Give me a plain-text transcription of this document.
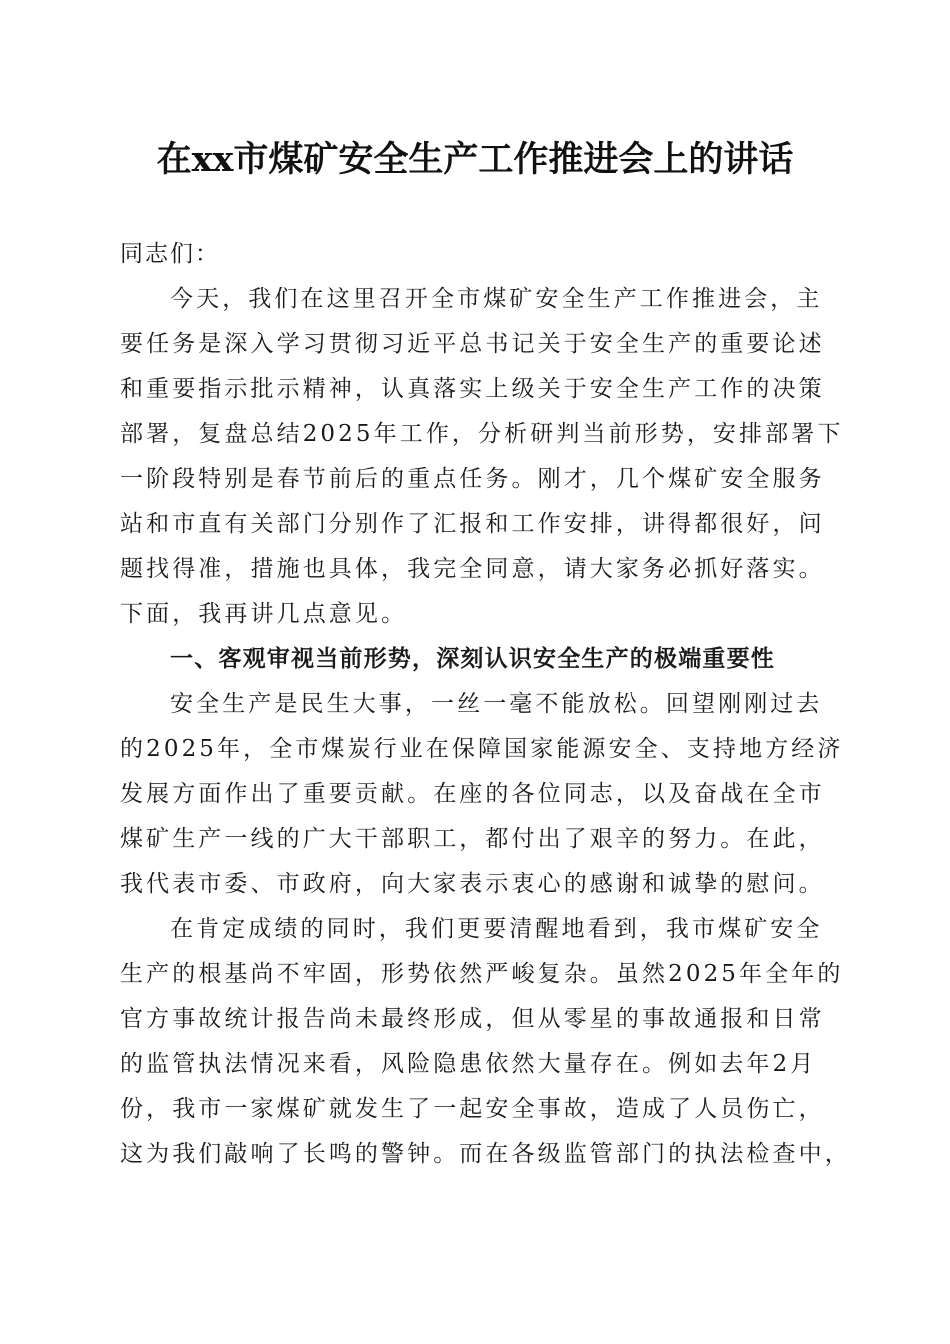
在xx市煤矿安全生产工作推进会上的讲话
同志们：
今天，我们在这里召开全市煤矿安全生产工作推进会，主
要任务是深入学习贯彻习近平总书记关于安全生产的重要论述
和重要指示批示精神，认真落实上级关于安全生产工作的决策
部署，复盘总结2025年工作，分析研判当前形势，安排部署下
一阶段特别是春节前后的重点任务。刚才，几个煤矿安全服务
站和市直有关部门分别作了汇报和工作安排，讲得都很好，问
题找得准，措施也具体，我完全同意，请大家务必抓好落实。
下面，我再讲几点意见。
一、客观审视当前形势，深刻认识安全生产的极端重要性
安全生产是民生大事，一丝一毫不能放松。回望刚刚过去
的2025年，全市煤炭行业在保障国家能源安全、支持地方经济
发展方面作出了重要贡献。在座的各位同志，以及奋战在全市
煤矿生产一线的广大干部职工，都付出了艰辛的努力。在此，
我代表市委、市政府，向大家表示衷心的感谢和诚挚的慰问。
在肯定成绩的同时，我们更要清醒地看到，我市煤矿安全
生产的根基尚不牢固，形势依然严峻复杂。虽然2025年全年的
官方事故统计报告尚未最终形成，但从零星的事故通报和日常
的监管执法情况来看，风险隐患依然大量存在。例如去年2月
份，我市一家煤矿就发生了一起安全事故，造成了人员伤亡，
这为我们敲响了长鸣的警钟。而在各级监管部门的执法检查中，
